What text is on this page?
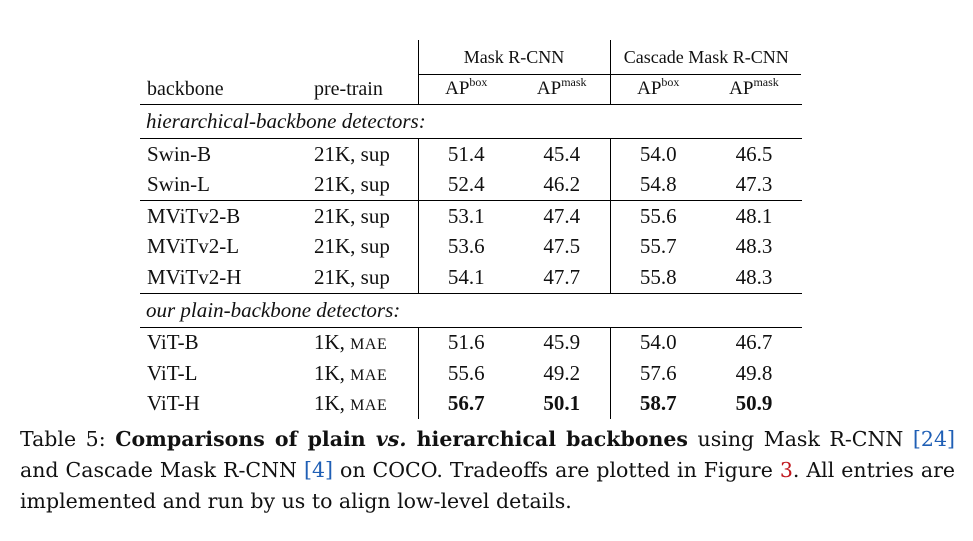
		Mask R-CNN		Cascade Mask R-CNN	
backbone	pre-train	$AP^{box}$	$AP^{mask}$	$AP^{box}$	$AP^{mask}$
hierarchical-backbone detectors:					
Swin-B	21K, sup	51.4	45.4	54.0	46.5
Swin-L	21K, sup	52.4	46.2	54.8	47.3
MViTv2-B	21K, sup	53.1	47.4	55.6	48.1
MViTv2-L	21K, sup	53.6	47.5	55.7	48.3
MViTv2-H	21K, sup	54.1	47.7	55.8	48.3
our plain-backbone detectors:					
ViT-B	1K, MAE	51.6	45.9	54.0	46.7
ViT-L	1K, MAE	55.6	49.2	57.6	49.8
ViT-H	1K, MAE	56.7	50.1	58.7	50.9
Table 5: Comparisons of plain vs. hierarchical backbones using Mask R-CNN [24] and Cascade Mask R-CNN [4] on COCO. Tradeoffs are plotted in Figure 3. All entries are implemented and run by us to align low-level details.
